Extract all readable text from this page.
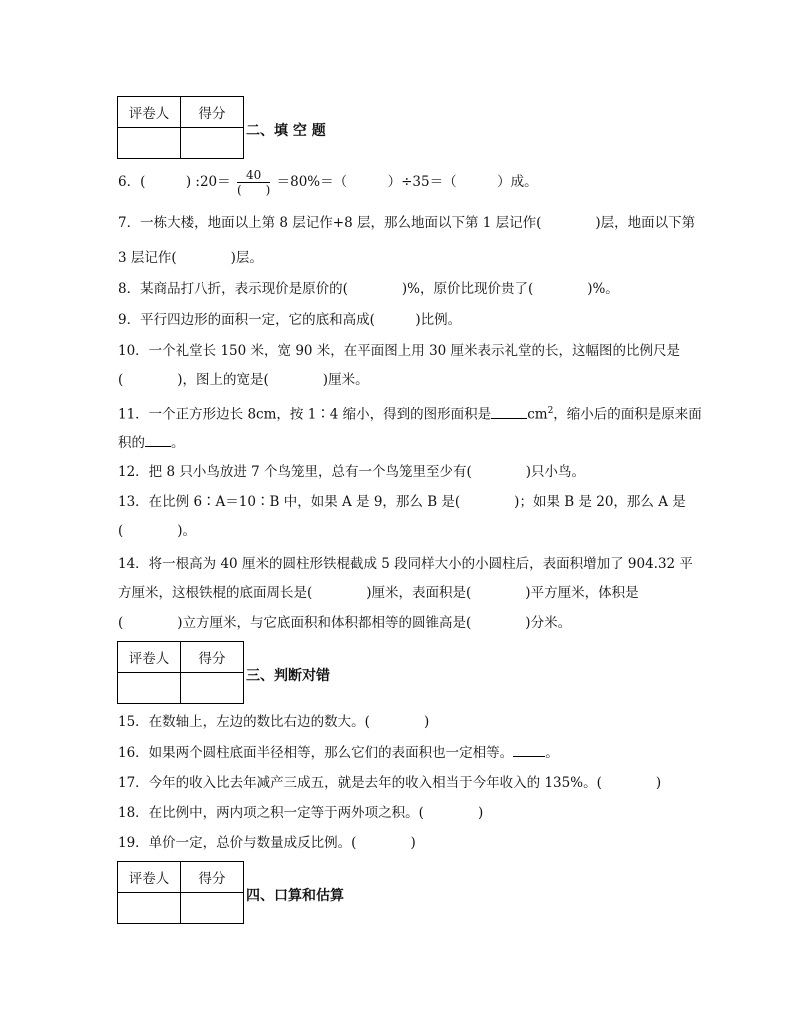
评卷人	得分

二、填 空 题
6．(　　　) :20＝ $\frac{40}{( )} =80\%=$（　　　）÷35＝（　　　）成。
7．一栋大楼，地面以上第 8 层记作+8 层，那么地面以下第 1 层记作(　　　　)层，地面以下第
3 层记作(　　　　)层。
8．某商品打八折，表示现价是原价的(　　　　)%，原价比现价贵了(　　　　)%。
9．平行四边形的面积一定，它的底和高成(　　　)比例。
10．一个礼堂长 150 米，宽 90 米，在平面图上用 30 厘米表示礼堂的长，这幅图的比例尺是
(　　　　)，图上的宽是(　　　　)厘米。
11．一个正方形边长 8cm，按 1∶4 缩小，得到的图形面积是	$cm^2$，缩小后的面积是原来面
积的 。
12．把 8 只小鸟放进 7 个鸟笼里，总有一个鸟笼里至少有(　　　　)只小鸟。
13．在比例 6∶A＝10∶B 中，如果 A 是 9，那么 B 是(　　　　)；如果 B 是 20，那么 A 是
(　　　　)。
14．将一根高为 40 厘米的圆柱形铁棍截成 5 段同样大小的小圆柱后，表面积增加了 904.32 平
方厘米，这根铁棍的底面周长是(　　　　)厘米，表面积是(　　　　)平方厘米，体积是
(　　　　)立方厘米，与它底面积和体积都相等的圆锥高是(　　　　)分米。
评卷人	得分

三、判断对错
15．在数轴上，左边的数比右边的数大。(　　　　)
16．如果两个圆柱底面半径相等，那么它们的表面积也一定相等。 。
17．今年的收入比去年减产三成五，就是去年的收入相当于今年收入的 135%。(　　　　)
18．在比例中，两内项之积一定等于两外项之积。(　　　　)
19．单价一定，总价与数量成反比例。(　　　　)
评卷人	得分

四、口算和估算
